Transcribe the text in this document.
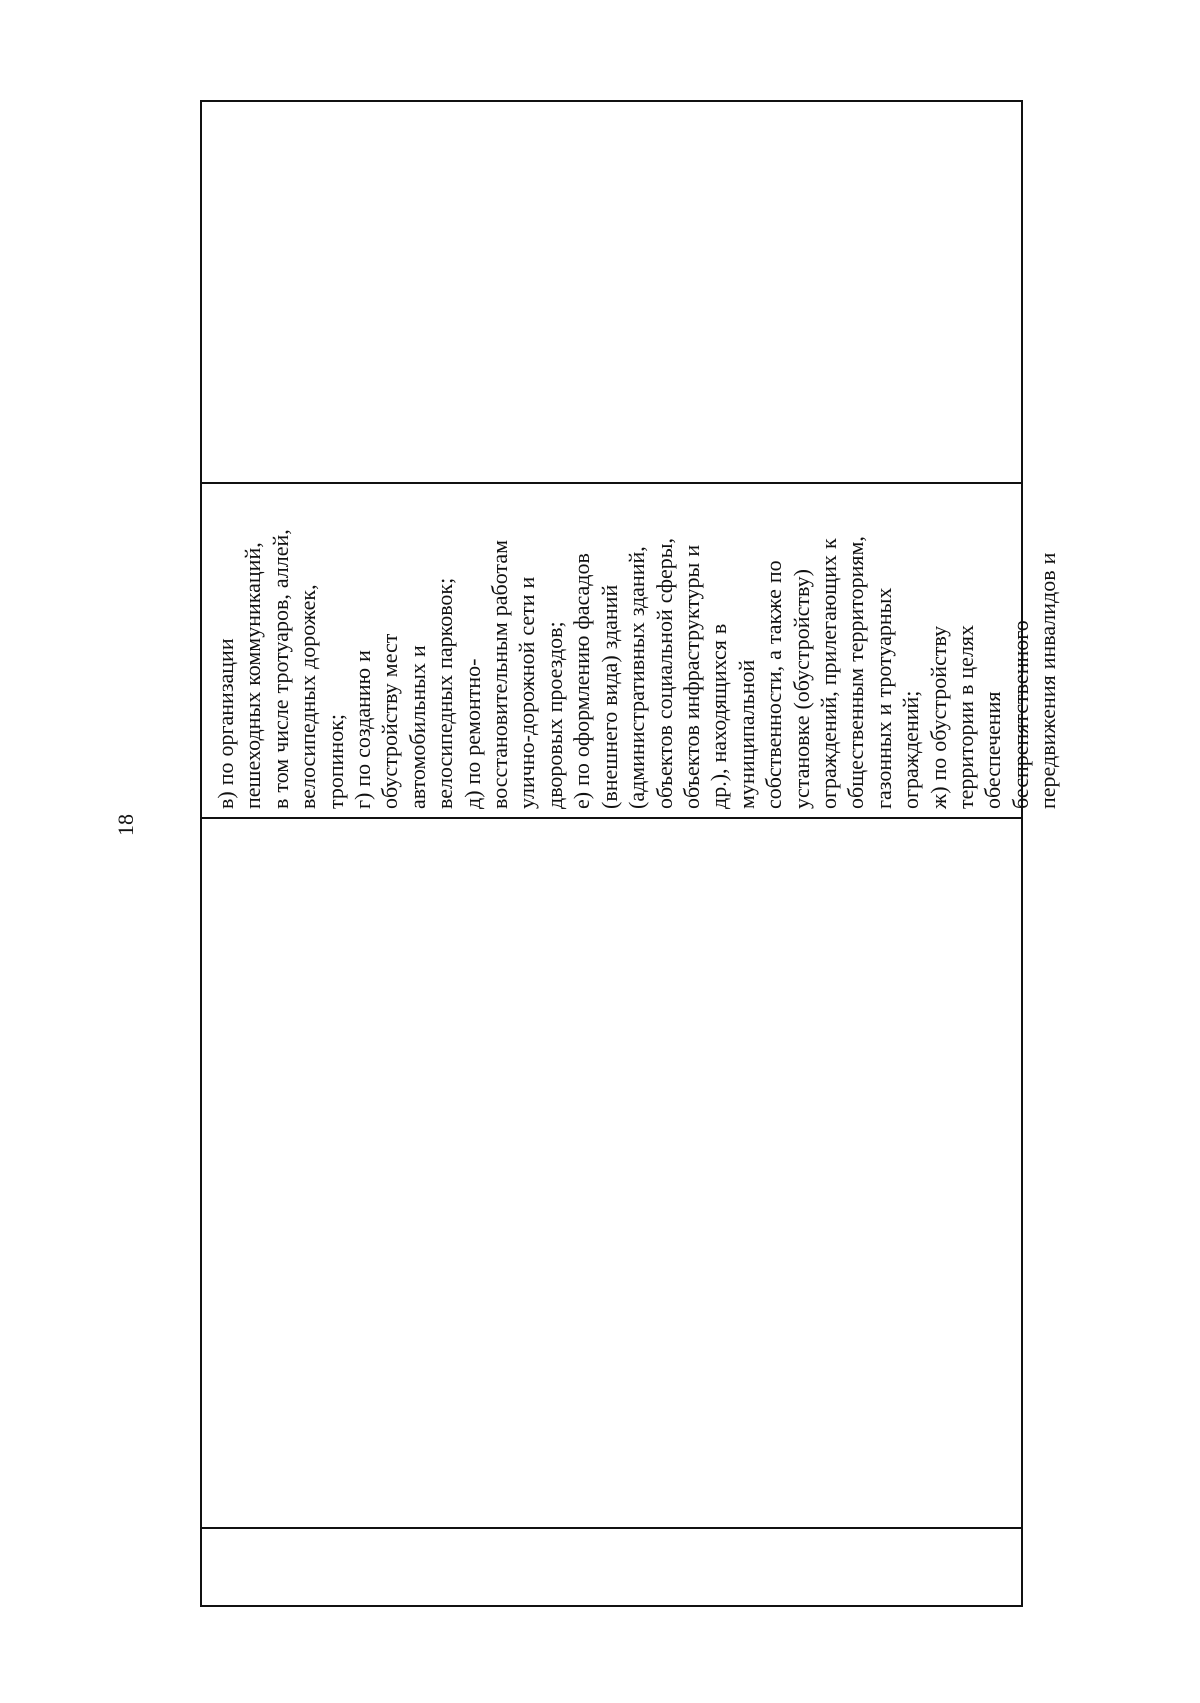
18
в) по организации
пешеходных коммуникаций,
в том числе тротуаров, аллей,
велосипедных дорожек,
тропинок;
г) по созданию и
обустройству мест
автомобильных и
велосипедных парковок;
д) по ремонтно-
восстановительным работам
улично-дорожной сети и
дворовых проездов;
е) по оформлению фасадов
(внешнего вида) зданий
(административных зданий,
объектов социальной сферы,
объектов инфраструктуры и
др.), находящихся в
муниципальной
собственности, а также по
установке (обустройству)
ограждений, прилегающих к
общественным территориям,
газонных и тротуарных
ограждений;
ж) по обустройству
территории в целях
обеспечения
беспрепятственного
передвижения инвалидов и
